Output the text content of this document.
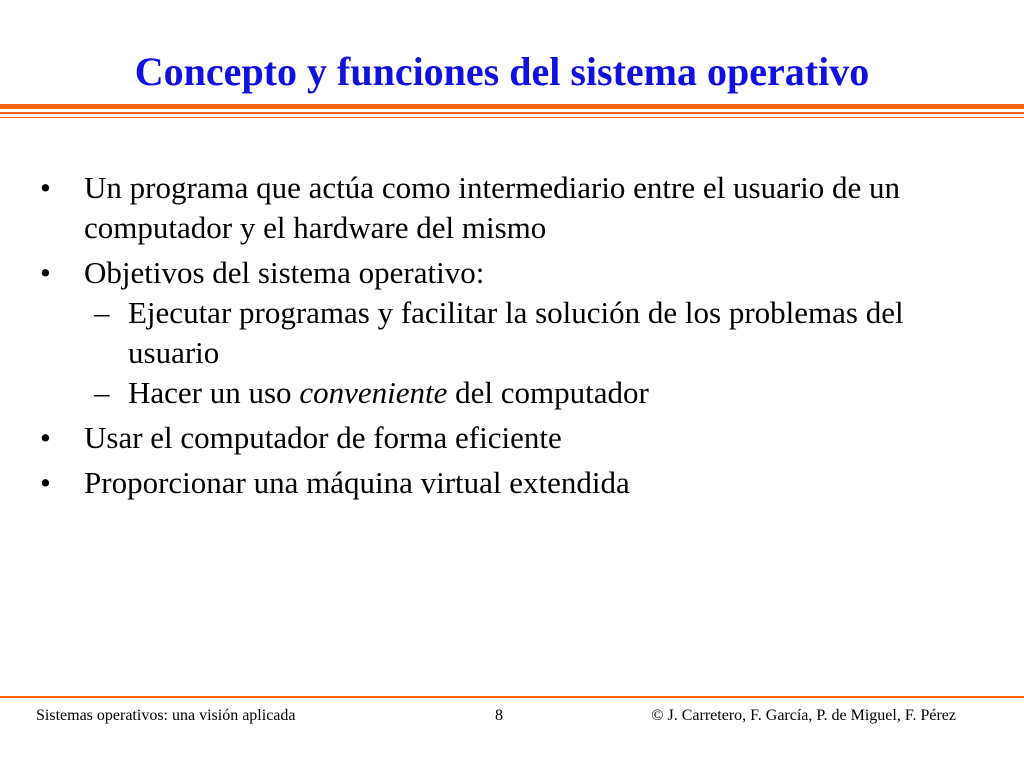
Concepto y funciones del sistema operativo
• Un programa que actúa como intermediario entre el usuario de un computador y el hardware del mismo
• Objetivos del sistema operativo:
– Ejecutar programas y facilitar la solución de los problemas del usuario
– Hacer un uso conveniente del computador
• Usar el computador de forma eficiente
• Proporcionar una máquina virtual extendida
Sistemas operativos: una visión aplicada	8	© J. Carretero, F. García, P. de Miguel, F. Pérez
